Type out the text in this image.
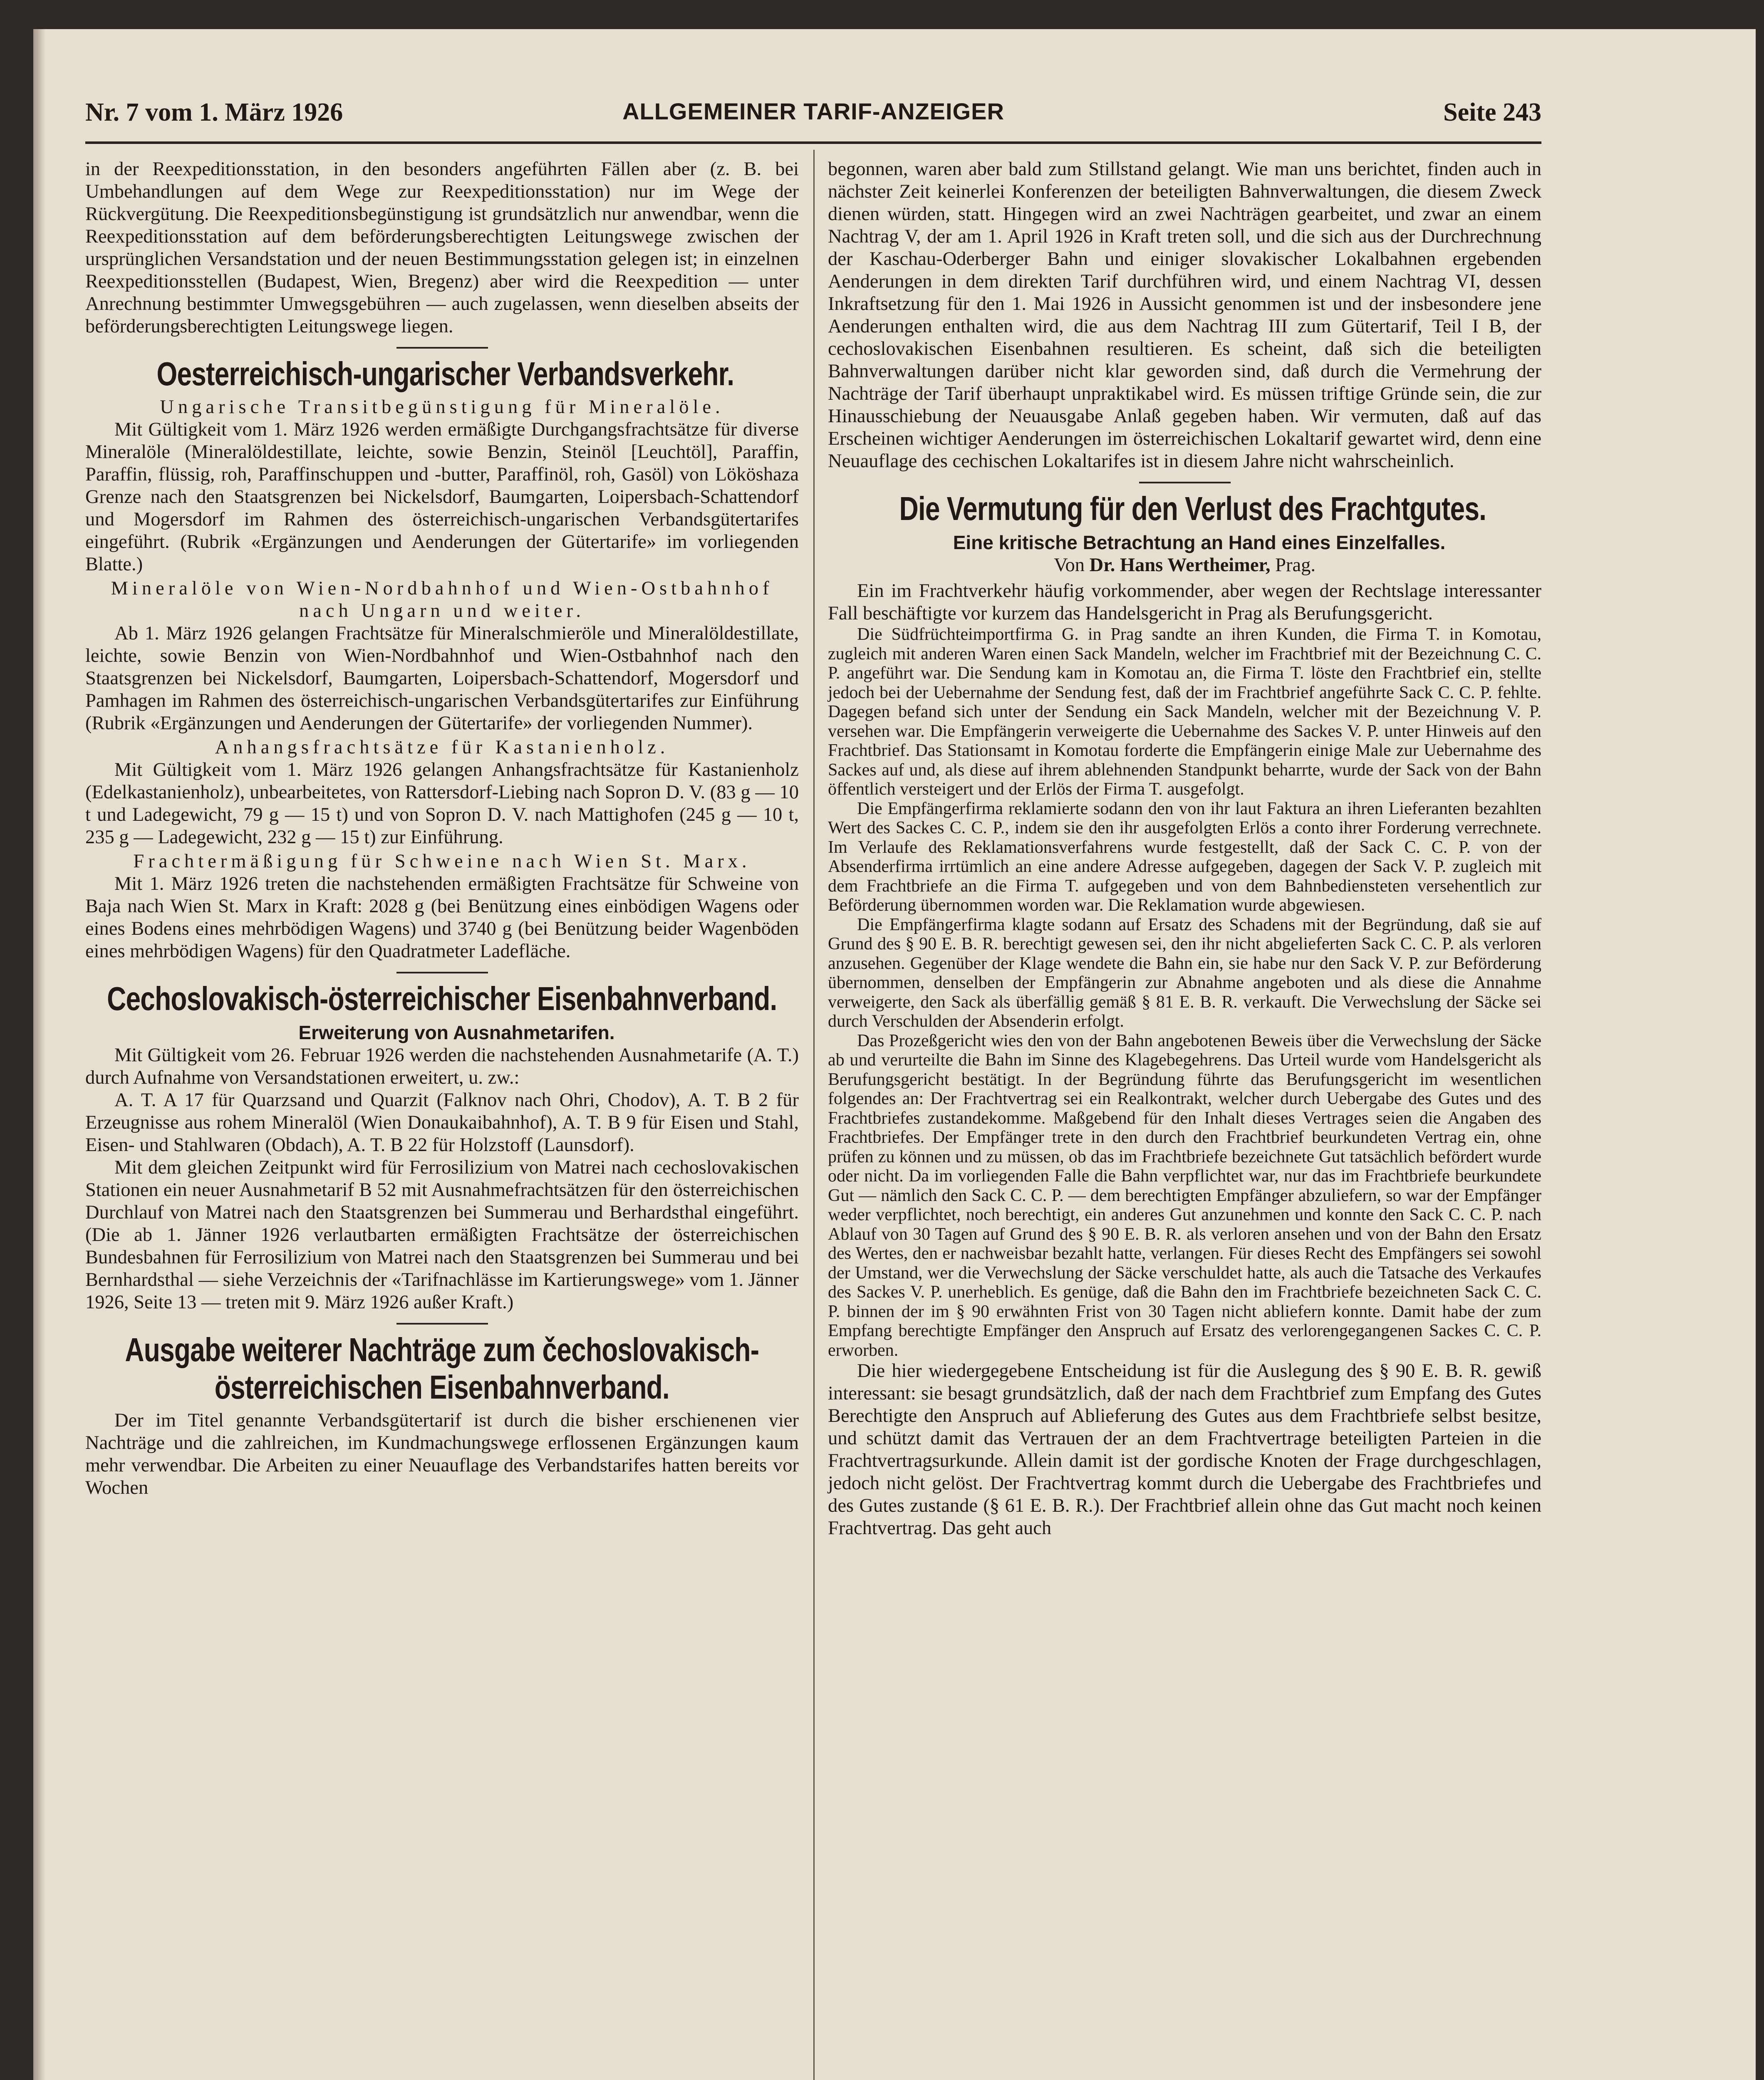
Nr. 7 vom 1. März 1926	ALLGEMEINER TARIF-ANZEIGER	Seite 243

in der Reexpeditionsstation, in den besonders angeführten Fällen aber (z. B. bei Umbehandlungen auf dem Wege zur Reexpeditionsstation) nur im Wege der Rückvergütung. Die Reexpeditionsbegünstigung ist grundsätzlich nur anwendbar, wenn die Reexpeditionsstation auf dem beförderungsberechtigten Leitungswege zwischen der ursprünglichen Versandstation und der neuen Bestimmungsstation gelegen ist; in einzelnen Reexpeditionsstellen (Budapest, Wien, Bregenz) aber wird die Reexpedition — unter Anrechnung bestimmter Umwegsgebühren — auch zugelassen, wenn dieselben abseits der beförderungsberechtigten Leitungswege liegen.

Oesterreichisch-ungarischer Verbandsverkehr.

Ungarische Transitbegünstigung für Mineralöle.

Mit Gültigkeit vom 1. März 1926 werden ermäßigte Durchgangsfrachtsätze für diverse Mineralöle (Mineralöldestillate, leichte, sowie Benzin, Steinöl [Leuchtöl], Paraffin, Paraffin, flüssig, roh, Paraffinschuppen und -butter, Paraffinöl, roh, Gasöl) von Lököshaza Grenze nach den Staatsgrenzen bei Nickelsdorf, Baumgarten, Loipersbach-Schattendorf und Mogersdorf im Rahmen des österreichisch-ungarischen Verbandsgütertarifes eingeführt. (Rubrik «Ergänzungen und Aenderungen der Gütertarife» im vorliegenden Blatte.)

Mineralöle von Wien-Nordbahnhof und Wien-Ostbahnhof nach Ungarn und weiter.

Ab 1. März 1926 gelangen Frachtsätze für Mineralschmieröle und Mineralöldestillate, leichte, sowie Benzin von Wien-Nordbahnhof und Wien-Ostbahnhof nach den Staatsgrenzen bei Nickelsdorf, Baumgarten, Loipersbach-Schattendorf, Mogersdorf und Pamhagen im Rahmen des österreichisch-ungarischen Verbandsgütertarifes zur Einführung (Rubrik «Ergänzungen und Aenderungen der Gütertarife» der vorliegenden Nummer).

Anhangsfrachtsätze für Kastanienholz.

Mit Gültigkeit vom 1. März 1926 gelangen Anhangsfrachtsätze für Kastanienholz (Edelkastanienholz), unbearbeitetes, von Rattersdorf-Liebing nach Sopron D. V. (83 g — 10 t und Ladegewicht, 79 g — 15 t) und von Sopron D. V. nach Mattighofen (245 g — 10 t, 235 g — Ladegewicht, 232 g — 15 t) zur Einführung.

Frachtermäßigung für Schweine nach Wien St. Marx.

Mit 1. März 1926 treten die nachstehenden ermäßigten Frachtsätze für Schweine von Baja nach Wien St. Marx in Kraft: 2028 g (bei Benützung eines einbödigen Wagens oder eines Bodens eines mehrbödigen Wagens) und 3740 g (bei Benützung beider Wagenböden eines mehrbödigen Wagens) für den Quadratmeter Ladefläche.

Cechoslovakisch-österreichischer Eisenbahnverband.

Erweiterung von Ausnahmetarifen.

Mit Gültigkeit vom 26. Februar 1926 werden die nachstehenden Ausnahmetarife (A. T.) durch Aufnahme von Versandstationen erweitert, u. zw.:

A. T. A 17 für Quarzsand und Quarzit (Falknov nach Ohri, Chodov), A. T. B 2 für Erzeugnisse aus rohem Mineralöl (Wien Donaukaibahnhof), A. T. B 9 für Eisen und Stahl, Eisen- und Stahlwaren (Obdach), A. T. B 22 für Holzstoff (Launsdorf).

Mit dem gleichen Zeitpunkt wird für Ferrosilizium von Matrei nach cechoslovakischen Stationen ein neuer Ausnahmetarif B 52 mit Ausnahmefrachtsätzen für den österreichischen Durchlauf von Matrei nach den Staatsgrenzen bei Summerau und Berhardsthal eingeführt. (Die ab 1. Jänner 1926 verlautbarten ermäßigten Frachtsätze der österreichischen Bundesbahnen für Ferrosilizium von Matrei nach den Staatsgrenzen bei Summerau und bei Bernhardsthal — siehe Verzeichnis der «Tarifnachlässe im Kartierungswege» vom 1. Jänner 1926, Seite 13 — treten mit 9. März 1926 außer Kraft.)

Ausgabe weiterer Nachträge zum čechoslovakisch-österreichischen Eisenbahnverband.

Der im Titel genannte Verbandsgütertarif ist durch die bisher erschienenen vier Nachträge und die zahlreichen, im Kundmachungswege erflossenen Ergänzungen kaum mehr verwendbar. Die Arbeiten zu einer Neuauflage des Verbandstarifes hatten bereits vor Wochen

begonnen, waren aber bald zum Stillstand gelangt. Wie man uns berichtet, finden auch in nächster Zeit keinerlei Konferenzen der beteiligten Bahnverwaltungen, die diesem Zweck dienen würden, statt. Hingegen wird an zwei Nachträgen gearbeitet, und zwar an einem Nachtrag V, der am 1. April 1926 in Kraft treten soll, und die sich aus der Durchrechnung der Kaschau-Oderberger Bahn und einiger slovakischer Lokalbahnen ergebenden Aenderungen in dem direkten Tarif durchführen wird, und einem Nachtrag VI, dessen Inkraftsetzung für den 1. Mai 1926 in Aussicht genommen ist und der insbesondere jene Aenderungen enthalten wird, die aus dem Nachtrag III zum Gütertarif, Teil I B, der cechoslovakischen Eisenbahnen resultieren. Es scheint, daß sich die beteiligten Bahnverwaltungen darüber nicht klar geworden sind, daß durch die Vermehrung der Nachträge der Tarif überhaupt unpraktikabel wird. Es müssen triftige Gründe sein, die zur Hinausschiebung der Neuausgabe Anlaß gegeben haben. Wir vermuten, daß auf das Erscheinen wichtiger Aenderungen im österreichischen Lokaltarif gewartet wird, denn eine Neuauflage des cechischen Lokaltarifes ist in diesem Jahre nicht wahrscheinlich.

Die Vermutung für den Verlust des Frachtgutes.

Eine kritische Betrachtung an Hand eines Einzelfalles.

Von Dr. Hans Wertheimer, Prag.

Ein im Frachtverkehr häufig vorkommender, aber wegen der Rechtslage interessanter Fall beschäftigte vor kurzem das Handelsgericht in Prag als Berufungsgericht.

Die Südfrüchteimportfirma G. in Prag sandte an ihren Kunden, die Firma T. in Komotau, zugleich mit anderen Waren einen Sack Mandeln, welcher im Frachtbrief mit der Bezeichnung C. C. P. angeführt war. Die Sendung kam in Komotau an, die Firma T. löste den Frachtbrief ein, stellte jedoch bei der Uebernahme der Sendung fest, daß der im Frachtbrief angeführte Sack C. C. P. fehlte. Dagegen befand sich unter der Sendung ein Sack Mandeln, welcher mit der Bezeichnung V. P. versehen war. Die Empfängerin verweigerte die Uebernahme des Sackes V. P. unter Hinweis auf den Frachtbrief. Das Stationsamt in Komotau forderte die Empfängerin einige Male zur Uebernahme des Sackes auf und, als diese auf ihrem ablehnenden Standpunkt beharrte, wurde der Sack von der Bahn öffentlich versteigert und der Erlös der Firma T. ausgefolgt.

Die Empfängerfirma reklamierte sodann den von ihr laut Faktura an ihren Lieferanten bezahlten Wert des Sackes C. C. P., indem sie den ihr ausgefolgten Erlös a conto ihrer Forderung verrechnete. Im Verlaufe des Reklamationsverfahrens wurde festgestellt, daß der Sack C. C. P. von der Absenderfirma irrtümlich an eine andere Adresse aufgegeben, dagegen der Sack V. P. zugleich mit dem Frachtbriefe an die Firma T. aufgegeben und von dem Bahnbediensteten versehentlich zur Beförderung übernommen worden war. Die Reklamation wurde abgewiesen.

Die Empfängerfirma klagte sodann auf Ersatz des Schadens mit der Begründung, daß sie auf Grund des § 90 E. B. R. berechtigt gewesen sei, den ihr nicht abgelieferten Sack C. C. P. als verloren anzusehen. Gegenüber der Klage wendete die Bahn ein, sie habe nur den Sack V. P. zur Beförderung übernommen, denselben der Empfängerin zur Abnahme angeboten und als diese die Annahme verweigerte, den Sack als überfällig gemäß § 81 E. B. R. verkauft. Die Verwechslung der Säcke sei durch Verschulden der Absenderin erfolgt.

Das Prozeßgericht wies den von der Bahn angebotenen Beweis über die Verwechslung der Säcke ab und verurteilte die Bahn im Sinne des Klagebegehrens. Das Urteil wurde vom Handelsgericht als Berufungsgericht bestätigt. In der Begründung führte das Berufungsgericht im wesentlichen folgendes an: Der Frachtvertrag sei ein Realkontrakt, welcher durch Uebergabe des Gutes und des Frachtbriefes zustandekomme. Maßgebend für den Inhalt dieses Vertrages seien die Angaben des Frachtbriefes. Der Empfänger trete in den durch den Frachtbrief beurkundeten Vertrag ein, ohne prüfen zu können und zu müssen, ob das im Frachtbriefe bezeichnete Gut tatsächlich befördert wurde oder nicht. Da im vorliegenden Falle die Bahn verpflichtet war, nur das im Frachtbriefe beurkundete Gut — nämlich den Sack C. C. P. — dem berechtigten Empfänger abzuliefern, so war der Empfänger weder verpflichtet, noch berechtigt, ein anderes Gut anzunehmen und konnte den Sack C. C. P. nach Ablauf von 30 Tagen auf Grund des § 90 E. B. R. als verloren ansehen und von der Bahn den Ersatz des Wertes, den er nachweisbar bezahlt hatte, verlangen. Für dieses Recht des Empfängers sei sowohl der Umstand, wer die Verwechslung der Säcke verschuldet hatte, als auch die Tatsache des Verkaufes des Sackes V. P. unerheblich. Es genüge, daß die Bahn den im Frachtbriefe bezeichneten Sack C. C. P. binnen der im § 90 erwähnten Frist von 30 Tagen nicht abliefern konnte. Damit habe der zum Empfang berechtigte Empfänger den Anspruch auf Ersatz des verlorengegangenen Sackes C. C. P. erworben.

Die hier wiedergegebene Entscheidung ist für die Auslegung des § 90 E. B. R. gewiß interessant: sie besagt grundsätzlich, daß der nach dem Frachtbrief zum Empfang des Gutes Berechtigte den Anspruch auf Ablieferung des Gutes aus dem Frachtbriefe selbst besitze, und schützt damit das Vertrauen der an dem Frachtvertrage beteiligten Parteien in die Frachtvertragsurkunde. Allein damit ist der gordische Knoten der Frage durchgeschlagen, jedoch nicht gelöst. Der Frachtvertrag kommt durch die Uebergabe des Frachtbriefes und des Gutes zustande (§ 61 E. B. R.). Der Frachtbrief allein ohne das Gut macht noch keinen Frachtvertrag. Das geht auch
